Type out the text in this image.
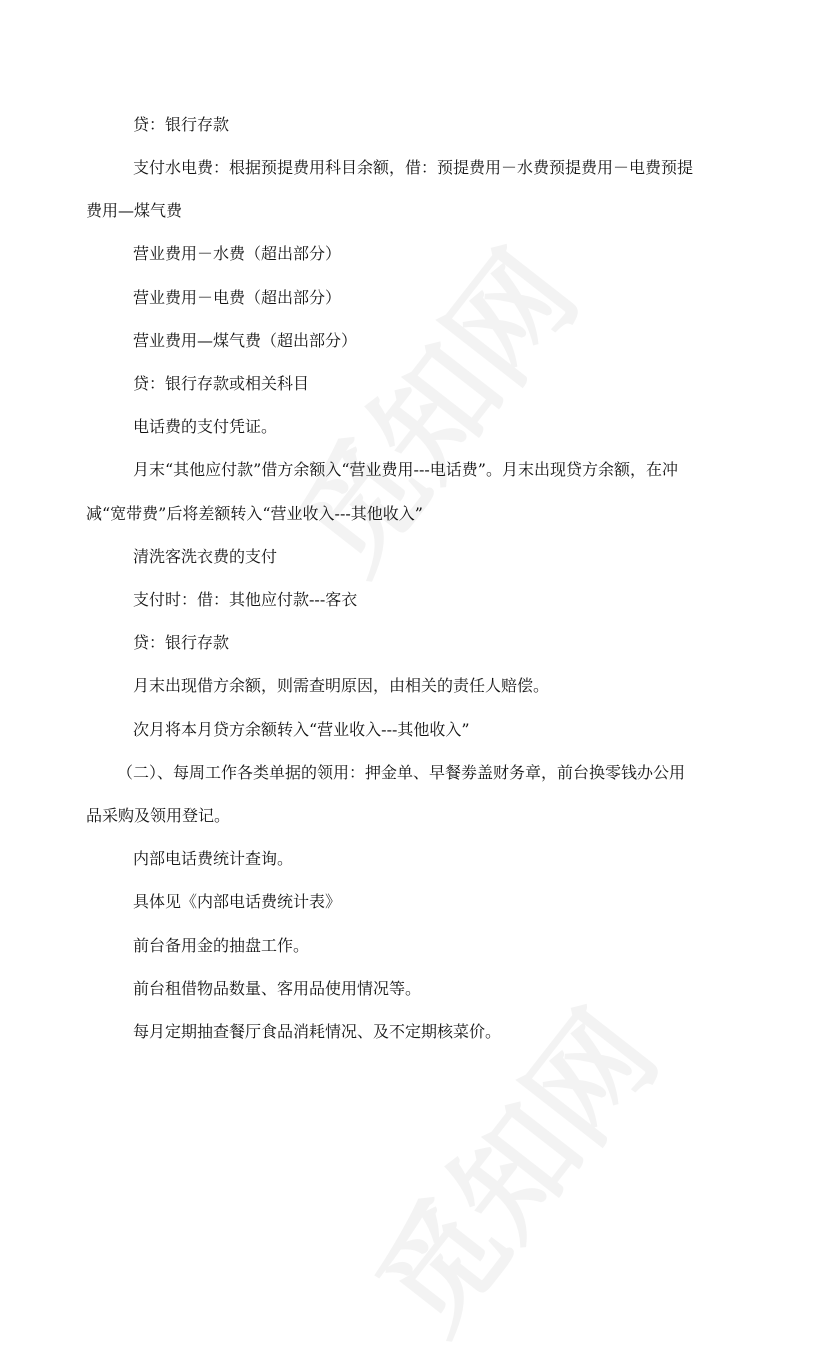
贷：银行存款
支付水电费：根据预提费用科目余额，借：预提费用－水费预提费用－电费预提
费用—煤气费
营业费用－水费（超出部分）
营业费用－电费（超出部分）
营业费用—煤气费（超出部分）
贷：银行存款或相关科目
电话费的支付凭证。
月末“其他应付款”借方余额入“营业费用---电话费”。月末出现贷方余额，在冲
减“宽带费”后将差额转入“营业收入---其他收入”
清洗客洗衣费的支付
支付时：借：其他应付款---客衣
贷：银行存款
月末出现借方余额，则需查明原因，由相关的责任人赔偿。
次月将本月贷方余额转入“营业收入---其他收入”
（二）、每周工作各类单据的领用：押金单、早餐劵盖财务章，前台换零钱办公用
品采购及领用登记。
内部电话费统计查询。
具体见《内部电话费统计表》
前台备用金的抽盘工作。
前台租借物品数量、客用品使用情况等。
每月定期抽查餐厅食品消耗情况、及不定期核菜价。
